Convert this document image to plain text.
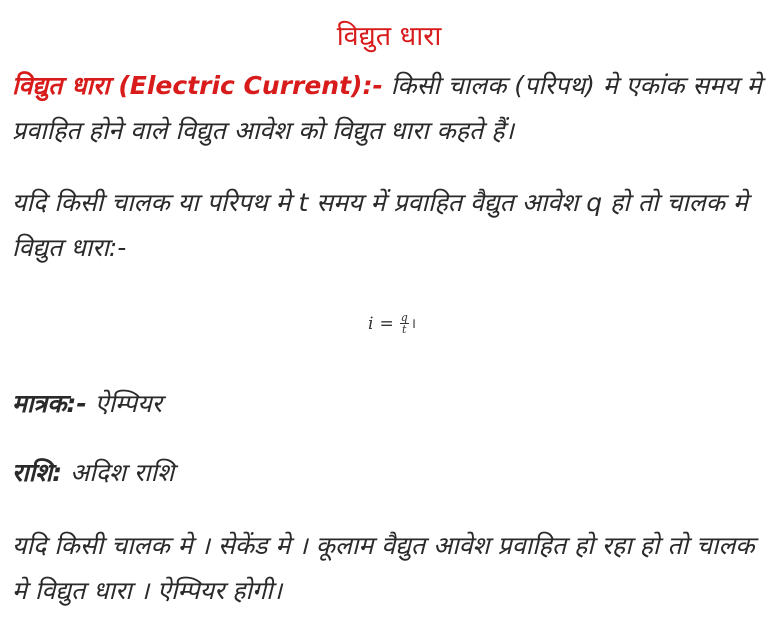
विद्युत धारा

विद्युत धारा (Electric Current):- किसी चालक (परिपथ) मे एकांक समय मे प्रवाहित होने वाले विद्युत आवेश को विद्युत धारा कहते हैं।

यदि किसी चालक या परिपथ मे t समय में प्रवाहित वैद्युत आवेश q हो तो चालक मे विद्युत धारा:-

$i = \frac{q}{t}$ ।

मात्रक:- ऐम्पियर

राशि: अदिश राशि

यदि किसी चालक मे । सेकेंड मे । कूलाम वैद्युत आवेश प्रवाहित हो रहा हो तो चालक मे विद्युत धारा । ऐम्पियर होगी।
